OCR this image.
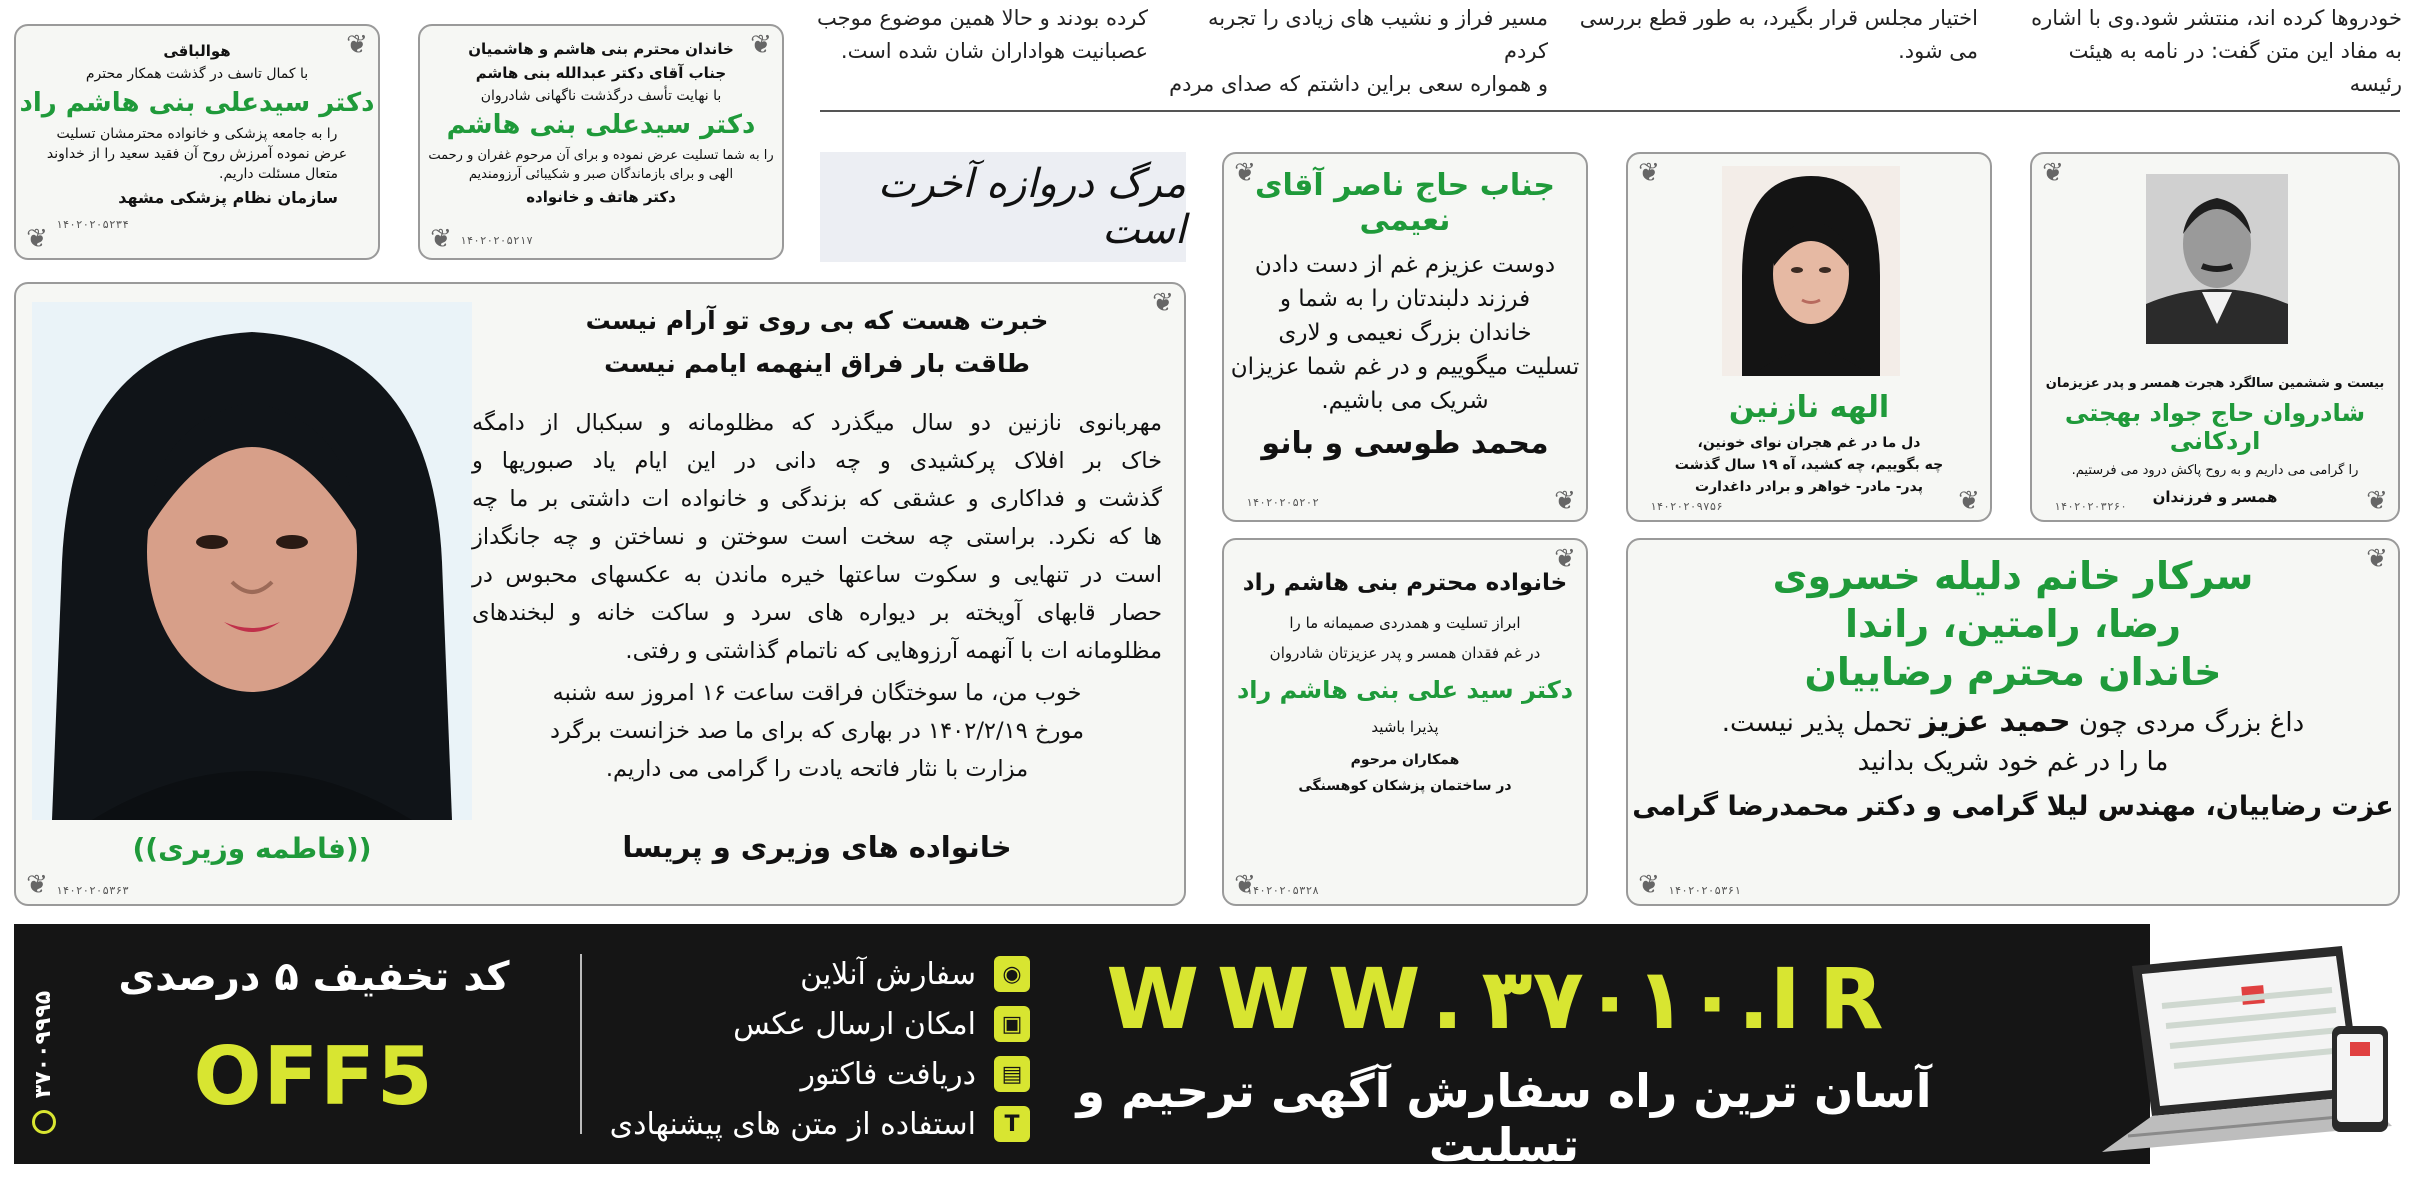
خودروها کرده اند، منتشر شود.وی با اشاره
به مفاد این متن گفت: در نامه به هیئت رئیسه
اختیار مجلس قرار بگیرد، به طور قطع بررسی
می شود.
مسیر فراز و نشیب های زیادی را تجربه کردم
و همواره سعی براین داشتم که صدای مردم
کرده بودند و حالا همین موضوع موجب
عصبانیت هواداران شان شده است.
❦
❦
هوالباقی
با کمال تاسف در گذشت همکار محترم
دکتر سیدعلی بنی هاشم راد
را به جامعه پزشکی و خانواده محترمشان تسلیت
عرض نموده آمرزش روح آن فقید سعید را از خداوند
متعال مسئلت داریم.
سازمان نظام پزشکی مشهد
۱۴۰۲۰۲۰۵۲۳۴
❦
❦
خاندان محترم بنی هاشم و هاشمیان
جناب آقای دکتر عبدالله بنی هاشم
با نهایت تأسف درگذشت ناگهانی شادروان
دکتر سیدعلی بنی هاشم
را به شما تسلیت عرض نموده و برای آن مرحوم غفران و رحمت
الهی و برای بازماندگان صبر و شکیبائی آرزومندیم
دکتر هاتف و خانواده
۱۴۰۲۰۲۰۵۲۱۷
مرگ دروازه آخرت است
❦
❦
جناب حاج ناصر آقای نعیمی
دوست عزیزم غم از دست دادن
فرزند دلبندتان را به شما و
خاندان بزرگ نعیمی و لاری
تسلیت میگوییم و در غم شما عزیزان
شریک می باشیم.
محمد طوسی و بانو
۱۴۰۲۰۲۰۵۲۰۲
❦
❦
الهه نازنین
دل ما در غم هجران نوای خونین،
چه بگوییم، چه کشید، آه ۱۹ سال گذشت
پدر- مادر- خواهر و برادر داغدارت
۱۴۰۲۰۲۰۹۷۵۶
❦
❦
بیست و ششمین سالگرد هجرت همسر و پدر عزیزمان
شادروان حاج جواد بهجتی اردکانی
را گرامی می داریم و به روح پاکش درود می فرستیم.
همسر و فرزندان
۱۴۰۲۰۲۰۳۲۶۰
❦
❦
خبرت هست که بی روی تو آرام نیست
طاقت بار فراق اینهمه ایامم نیست
مهربانوی نازنین دو سال میگذرد که مظلومانه و سبکبال از دامگه
خاک بر افلاک پرکشیدی و چه دانی در این ایام یاد صبوریها و
گذشت و فداکاری و عشقی که بزندگی و خانواده ات داشتی بر ما چه
ها که نکرد. براستی چه سخت است سوختن و نساختن و چه جانگداز
است در تنهایی و سکوت ساعتها خیره ماندن به عکسهای محبوس در
حصار قابهای آویخته بر دیواره های سرد و ساکت خانه و لبخندهای
مظلومانه ات با آنهمه آرزوهایی که ناتمام گذاشتی و رفتی.
خوب من، ما سوختگان فراقت ساعت ۱۶ امروز سه شنبه
مورخ ۱۴۰۲/۲/۱۹ در بهاری که برای ما صد خزانست برگرد
مزارت با نثار فاتحه یادت را گرامی می داریم.
خانواده های وزیری و پریسا
((فاطمه وزیری))
۱۴۰۲۰۲۰۵۳۶۳
❦
❦
خانواده محترم بنی هاشم راد
ابراز تسلیت و همدردی صمیمانه ما را
در غم فقدان همسر و پدر عزیزتان شادروان
دکتر سید علی بنی هاشم راد
پذیرا باشید
همکاران مرحوم
در ساختمان پزشکان کوهسنگی
۱۴۰۲۰۲۰۵۳۲۸
❦
❦
سرکار خانم دلیله خسروی
رضا، رامتین، راندا
خاندان محترم رضاییان
داغ بزرگ مردی چون حمید عزیز تحمل پذیر نیست.
ما را در غم خود شریک بدانید
عزت رضاییان، مهندس لیلا گرامی و دکتر محمدرضا گرامی
۱۴۰۲۰۲۰۵۳۶۱
۳۷۰۰۹۹۹۵
کد تخفیف ۵ درصدی
OFF5
◉
سفارش آنلاین
▣
امکان ارسال عکس
▤
دریافت فاکتور
T
استفاده از متن های پیشنهادی
WWW.۳۷۰۱۰.IR
آسان ترین راه سفارش آگهی ترحیم و تسلیت
